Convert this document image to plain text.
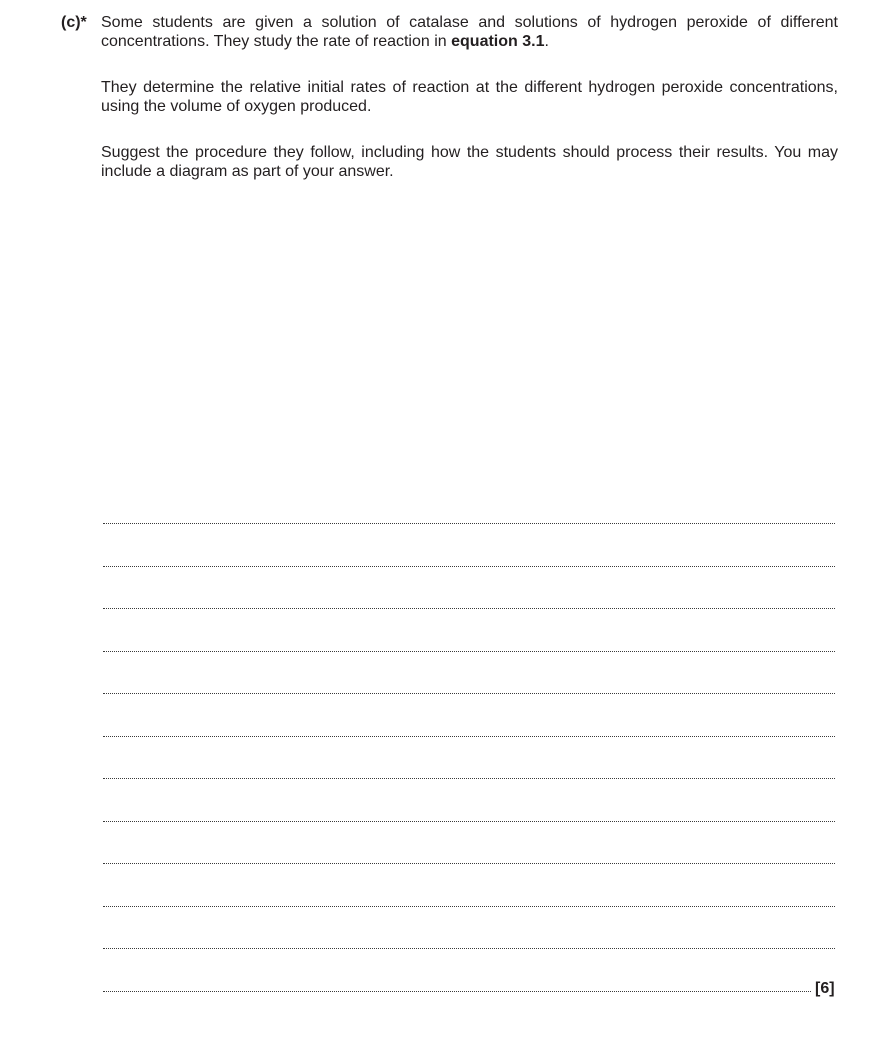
(c)* Some students are given a solution of catalase and solutions of hydrogen peroxide of different concentrations. They study the rate of reaction in equation 3.1.

They determine the relative initial rates of reaction at the different hydrogen peroxide concentrations, using the volume of oxygen produced.

Suggest the procedure they follow, including how the students should process their results. You may include a diagram as part of your answer.

[6]
